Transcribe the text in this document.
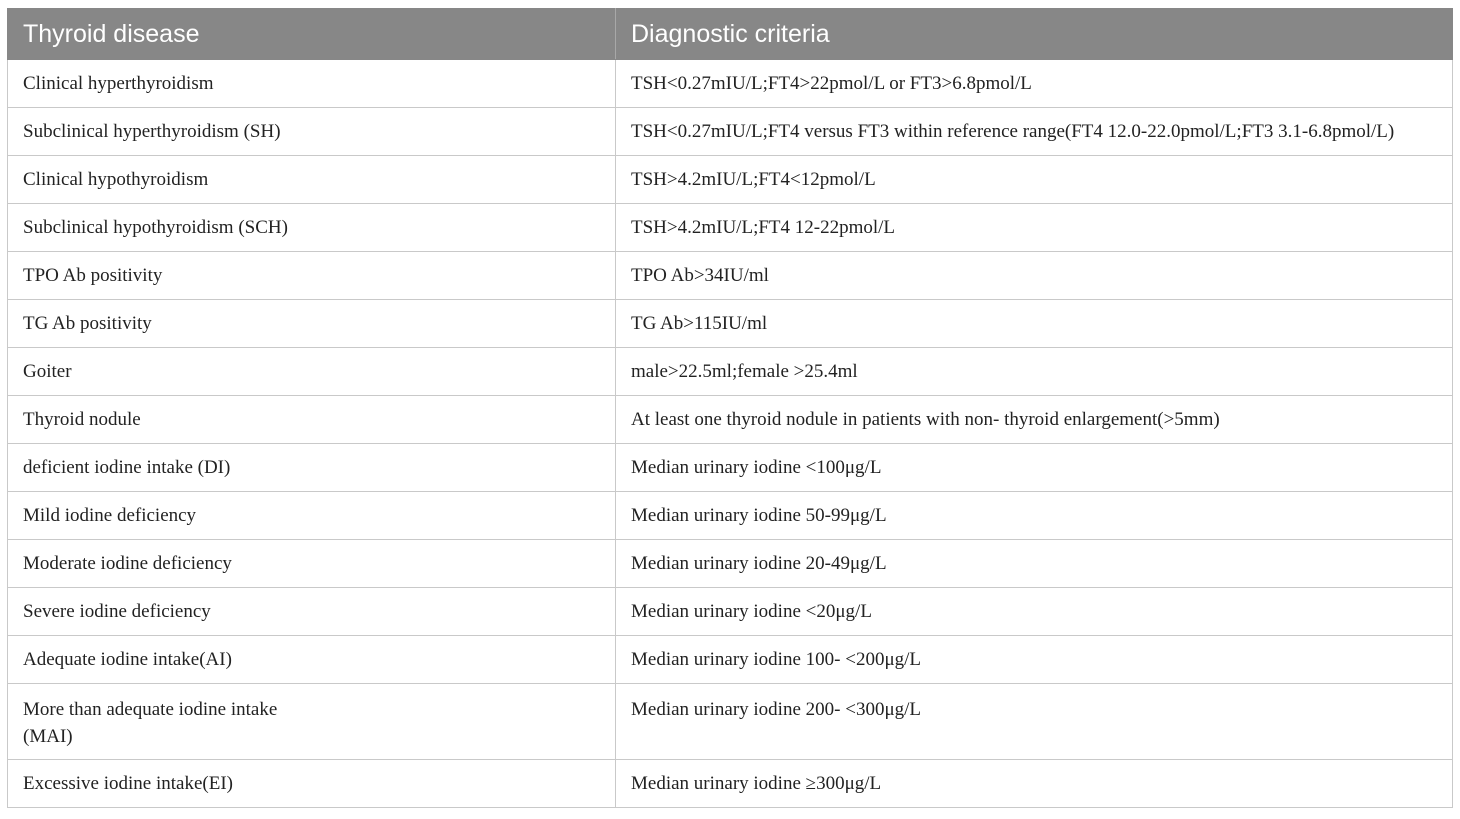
Thyroid disease	Diagnostic criteria
Clinical hyperthyroidism	TSH<0.27mIU/L;FT4>22pmol/L or FT3>6.8pmol/L
Subclinical hyperthyroidism (SH)	TSH<0.27mIU/L;FT4 versus FT3 within reference range(FT4 12.0-22.0pmol/L;FT3 3.1-6.8pmol/L)
Clinical hypothyroidism	TSH>4.2mIU/L;FT4<12pmol/L
Subclinical hypothyroidism (SCH)	TSH>4.2mIU/L;FT4 12-22pmol/L
TPO Ab positivity	TPO Ab>34IU/ml
TG Ab positivity	TG Ab>115IU/ml
Goiter	male>22.5ml;female >25.4ml
Thyroid nodule	At least one thyroid nodule in patients with non- thyroid enlargement(>5mm)
deficient iodine intake (DI)	Median urinary iodine <100μg/L
Mild iodine deficiency	Median urinary iodine 50-99μg/L
Moderate iodine deficiency	Median urinary iodine 20-49μg/L
Severe iodine deficiency	Median urinary iodine <20μg/L
Adequate iodine intake(AI)	Median urinary iodine 100- <200μg/L

More than adequate iodine intake (MAI)	Median urinary iodine 200- <300μg/L
Excessive iodine intake(EI)	Median urinary iodine ≥300μg/L
